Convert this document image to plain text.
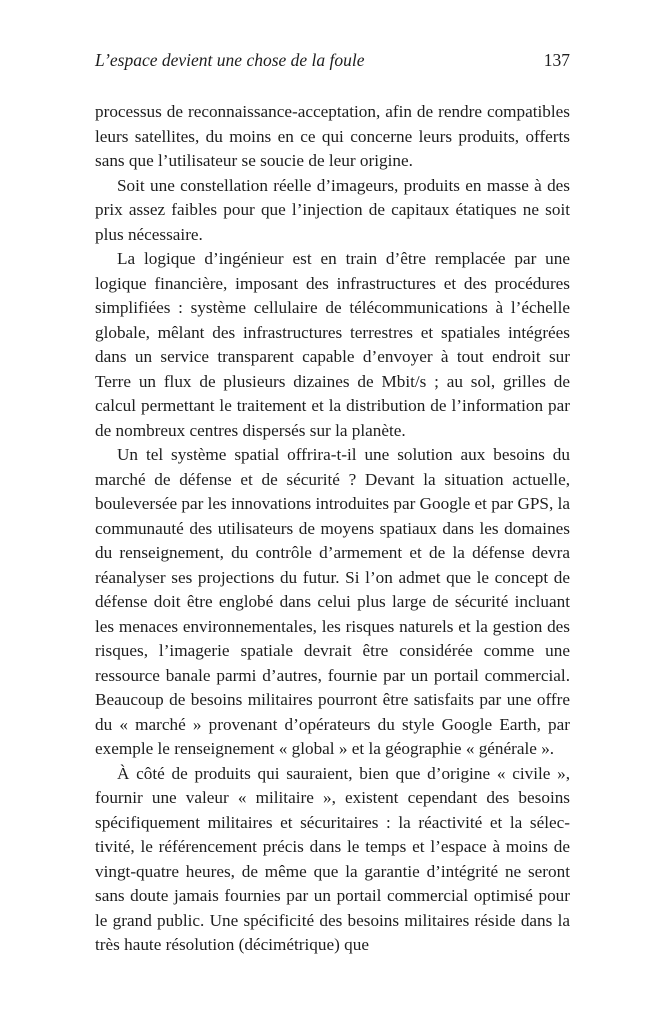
L’espace devient une chose de la foule	137

processus de reconnaissance-acceptation, afin de rendre compatibles leurs satellites, du moins en ce qui concerne leurs produits, offerts sans que l’utilisateur se soucie de leur origine.

Soit une constellation réelle d’imageurs, produits en masse à des prix assez faibles pour que l’injection de capitaux étatiques ne soit plus nécessaire.

La logique d’ingénieur est en train d’être remplacée par une logique financière, imposant des infrastructures et des procédures simplifiées : système cellulaire de télécommunications à l’échelle globale, mêlant des infrastructures terrestres et spatiales intégrées dans un service transparent capable d’envoyer à tout endroit sur Terre un flux de plusieurs dizaines de Mbit/s ; au sol, grilles de calcul permettant le traitement et la distribution de l’information par de nombreux centres dispersés sur la planète.

Un tel système spatial offrira-t-il une solution aux besoins du marché de défense et de sécurité ? Devant la situation actuelle, bouleversée par les innovations introduites par Google et par GPS, la communauté des utilisateurs de moyens spatiaux dans les domaines du renseignement, du contrôle d’armement et de la défense devra réanalyser ses projections du futur. Si l’on admet que le concept de défense doit être englobé dans celui plus large de sécurité incluant les menaces environnementales, les risques naturels et la gestion des risques, l’imagerie spatiale devrait être considérée comme une ressource banale parmi d’autres, fournie par un portail commercial. Beaucoup de besoins militaires pourront être satisfaits par une offre du « marché » provenant d’opérateurs du style Google Earth, par exemple le renseignement « global » et la géographie « générale ».

À côté de produits qui sauraient, bien que d’origine « civile », fournir une valeur « militaire », existent cependant des besoins spécifiquement militaires et sécuritaires : la réactivité et la sélectivité, le référencement précis dans le temps et l’espace à moins de vingt-quatre heures, de même que la garantie d’intégrité ne seront sans doute jamais fournies par un portail commercial optimisé pour le grand public. Une spécificité des besoins militaires réside dans la très haute résolution (décimétrique) que
